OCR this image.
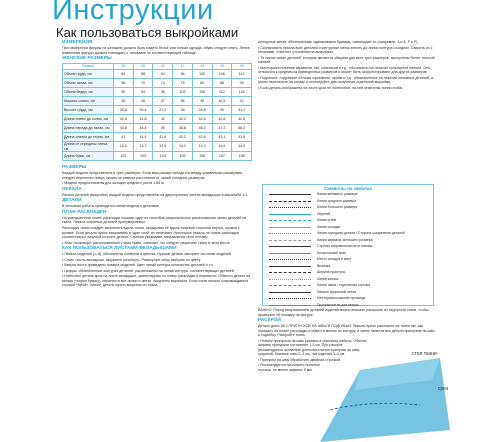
Инструкции
Как пользоваться выкройками
ИЗМЕРЕНИЯ

При измерении фигуры на женщине должно быть надето бельё или тонкая одежда, обувь следует снять. Лента измерения фигуры должна совпадать с типовыми по соответствующей таблице.

ЖЕНСКИЕ РАЗМЕРЫ
Размер	36	38	40	42	44	46	48
Объем груди, см	84	88	92	96	100	106	112
Объем талии, см	66	70	74	78	82	88	94
Объем бедер, см	90	94	98	102	106	112	118
Ширина спины, см	35	36	37	38	39	40,5	42
Высота груди, см	25,8	26,4	27,2	28	28,8	30	31,2
Длина спины до талии, см	41,6	41,8	42	42,2	42,4	42,6	42,8
Длина переда до талии, см	43,8	44,4	45	45,6	46,2	47,2	48,2
Длина спинки до талии, см	41	41,4	41,8	42,2	42,6	43,1	43,6
Длина от середины плеча, см	13,5	13,7	13,9	14,1	14,3	14,6	14,9
Длина брюк, см	102	103	104	105	106	107	108
РАЗМЕРЫ

Каждой модели представлена в трех размерах. Если ваш размер находится между указанными размерами, следует перенести новую линию на равном расстоянии от линий соседних размеров.

• Модели предназначены для женщин среднего роста 1,65 м.

ЛЕКАЛА

Лекала деталей (выкройки) каждой модели представлены на двусторонних листах-вкладышах в масштабе 1:1.

ДЕТАЛИ

В описании работы приводится схема модели с деталями.

ПЛАН РАСКЛАДКИ

На уменьшенном плане раскладки показан один из способов рационального расположения лекал деталей на ткани. Лекала основных деталей пронумерованы.

Раскладку ткани следует выполнять вдоль ткани, складывая её вдоль лицевой стороной внутрь, кромка к кромке. Если детали нужно выкраивать в один слой, их отмечают. Некоторые лекала на плане раскладки соответствуют лицевой стороне детали. Стрелки указывают направление нити основы.

• Знак «ножницы» расположенный у края ткани, означает, что следует разрезать ткань в этом месте.

КАК ПОЛЬЗОВАТЬСЯ ЛИСТАМИ-ВКЛАДЫШАМИ

• Лекала моделей (1–6), обозначены номером и цветом. Нужные детали смотрите на схеме моделей.

• Снять листы-вкладыши, аккуратно разогнуть. Размерную сетку выбрать по цвету.

• Вверху листа приведены номера моделей. Цвет линий контура количество деталей и т.п.

• Цифры, обозначенные контурах деталей, расположены на линии контура, соответствующих деталей.

• Найти все детали кроя на листе-вкладыше, ориентируясь по плану раскладки и перевести. Обвести детали на кальку (тонкую бумагу), перенести все линии и метки. Аккуратно вырежьте. Если готов лекала сопровождается строкой «Крой», значит, деталь нужно выкроить из ткани.

контурные метки, обозначенные одинаковыми буквами, совмещают их (например, A и A, F и F).

• Скопировать лекала всех деталей и контурные метки вплоть до линии контура соседних. Сверить их с лекалами, отметить уточнения на выкройках.

• Те линии лекал деталей, которые являются общими для всех трех размеров, вычерчены более толстой линией.

• Месторасположение карманов, пат, хлястиков и т.д., обозначено на лекалах пунктирной линией. Оно относится к средним из приведенных размеров и может быть скорректировано для других размеров.

• Подгоните, подрежьте обтачки горловины, пройм и т.д., обозначенные на лекалах основных деталей, а затем перенесите на кальку и откопируйте для получения отдельной выкройки.

• Если деталь изображена на листе кроя не полностью, на ней отмечены линии сгиба.

Символы на лекалах
Линия меньшего размера
Линия среднего размера
Линия большего размера
Перегиб
Линия сгиба
Линия складки
Линия середины детали / Сторона соединения деталей
Линии кармана, меньшего размера
Стрелка направления нити основы
Контрольный знак
Место складок и мест
Вытачка
Ширина приступа
Линия запаса
Линии швов / отделочная строчка
Начало прорезной петли
Месторасположение пуговицы
Прочная петля для петель

ВАЖНО: Перед выкраиванием деталей изделия можно вначале раскроить из недорогой ткани, чтобы проверить её посадку на фигуре.

РАСКРОЙ

Детали даны БЕЗ ПРИПУСКОВ НА ШВЫ И ПОДГИБКИ! Лекала нужно разложить на ткани так, как показано на плане раскладки и обвести мелом по контуру, а затем нанести все детали припусков на швы и подгибку. Раскройте ткань.

• Размер припусков на швы указаны в описании работы. Обычно ширина припусков составляет 1,5 см. При раскрое рекомендуется оставлять дополнительные припуски на швы, шириной: боковые швы 2–3 см, низ изделия 3–4 см.

• Припуски на швы обработать двойной строчкой.

• Рекомендуется проложить прочные строчки, не менее ширины 5 мм.

стол ткани
срез
